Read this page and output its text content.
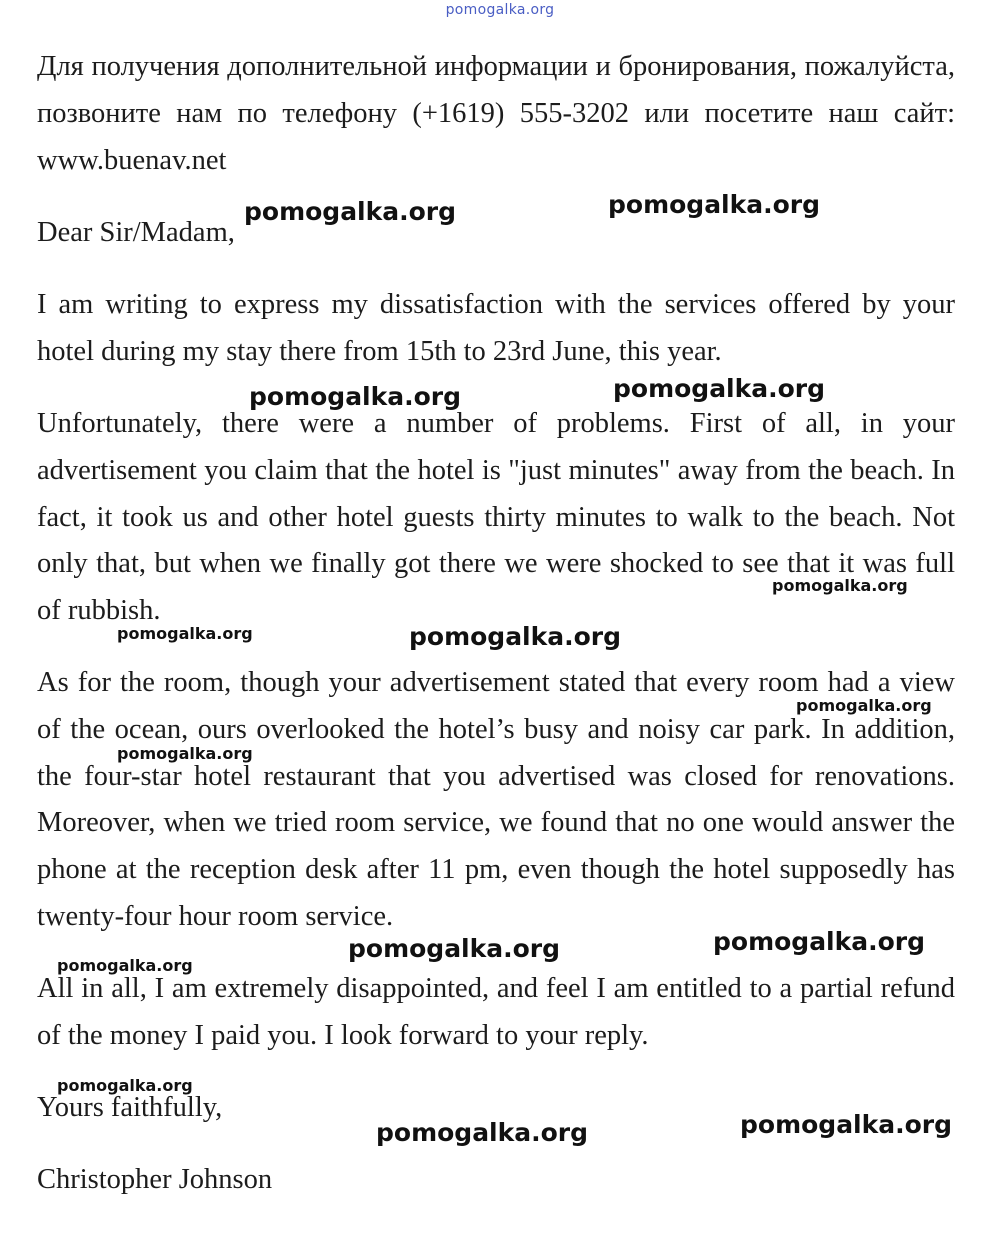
pomogalka.org

Для получения дополнительной информации и бронирования, пожалуйста, позвоните нам по телефону (+1619) 555-3202 или посетите наш сайт: www.buenav.net

Dear Sir/Madam,

I am writing to express my dissatisfaction with the services offered by your hotel during my stay there from 15th to 23rd June, this year.

Unfortunately, there were a number of problems. First of all, in your advertisement you claim that the hotel is "just minutes" away from the beach. In fact, it took us and other hotel guests thirty minutes to walk to the beach. Not only that, but when we finally got there we were shocked to see that it was full of rubbish.

As for the room, though your advertisement stated that every room had a view of the ocean, ours overlooked the hotel’s busy and noisy car park. In addition, the four-star hotel restaurant that you advertised was closed for renovations. Moreover, when we tried room service, we found that no one would answer the phone at the reception desk after 11 pm, even though the hotel supposedly has twenty-four hour room service.

All in all, I am extremely disappointed, and feel I am entitled to a partial refund of the money I paid you. I look forward to your reply.

Yours faithfully,

Christopher Johnson

pomogalka.org	pomogalka.org
pomogalka.org	pomogalka.org
pomogalka.org
pomogalka.org	pomogalka.org
pomogalka.org
pomogalka.org
pomogalka.org	pomogalka.org
pomogalka.org
pomogalka.org
pomogalka.org	pomogalka.org
